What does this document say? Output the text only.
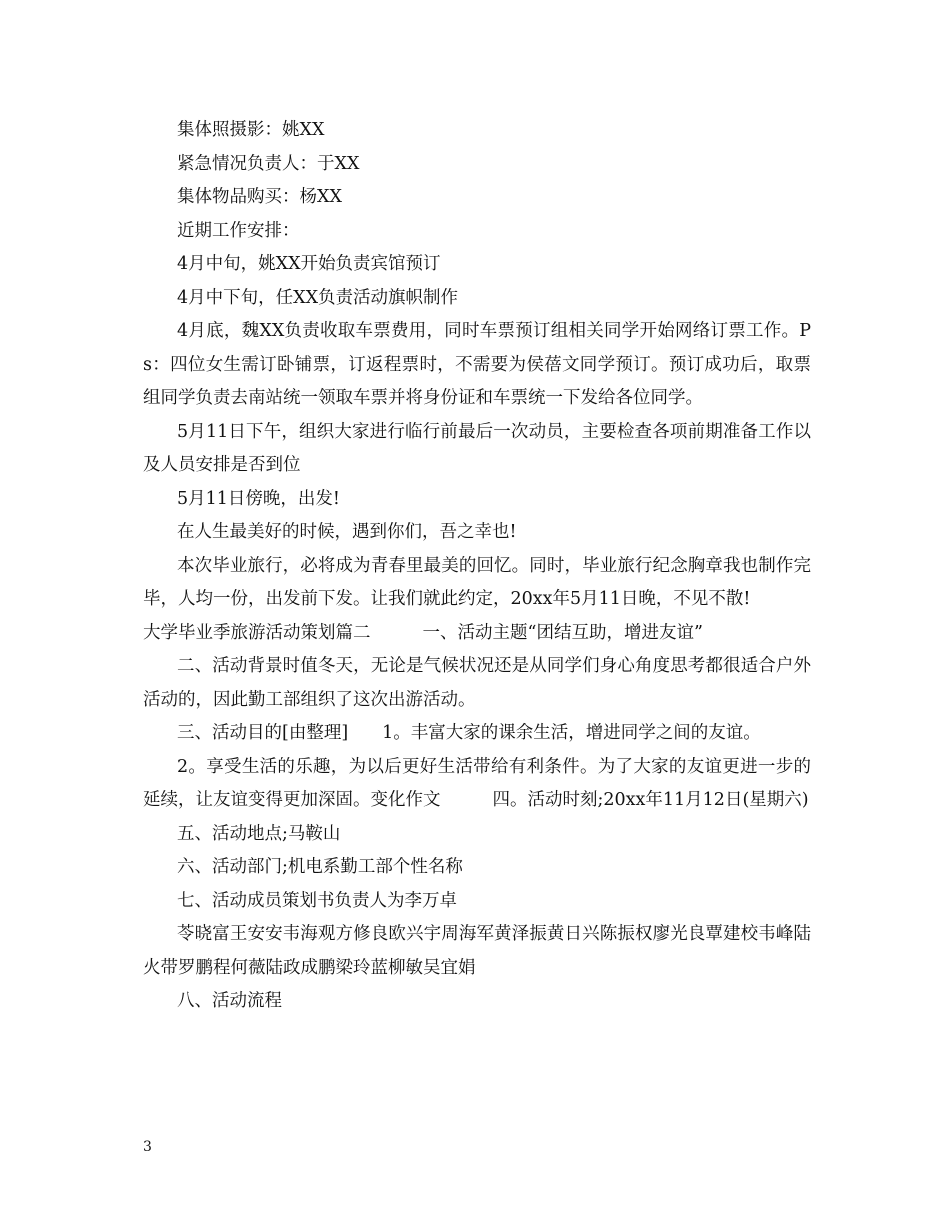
集体照摄影：姚XX

紧急情况负责人：于XX

集体物品购买：杨XX

近期工作安排：

4月中旬，姚XX开始负责宾馆预订

4月中下旬，任XX负责活动旗帜制作

4月底，魏XX负责收取车票费用，同时车票预订组相关同学开始网络订票工作。Ps：四位女生需订卧铺票，订返程票时，不需要为侯蓓文同学预订。预订成功后，取票组同学负责去南站统一领取车票并将身份证和车票统一下发给各位同学。

5月11日下午，组织大家进行临行前最后一次动员，主要检查各项前期准备工作以及人员安排是否到位

5月11日傍晚，出发!

在人生最美好的时候，遇到你们，吾之幸也!

本次毕业旅行，必将成为青春里最美的回忆。同时，毕业旅行纪念胸章我也制作完毕，人均一份，出发前下发。让我们就此约定，20xx年5月11日晚，不见不散!

大学毕业季旅游活动策划篇二	一、活动主题“团结互助，增进友谊”

二、活动背景时值冬天，无论是气候状况还是从同学们身心角度思考都很适合户外活动的，因此勤工部组织了这次出游活动。

三、活动目的[由整理] 1。丰富大家的课余生活，增进同学之间的友谊。

2。享受生活的乐趣，为以后更好生活带给有利条件。为了大家的友谊更进一步的延续，让友谊变得更加深固。变化作文	四。活动时刻;20xx年11月12日(星期六)

五、活动地点;马鞍山

六、活动部门;机电系勤工部个性名称

七、活动成员策划书负责人为李万卓

苓晓富王安安韦海观方修良欧兴宇周海军黄泽振黄日兴陈振权廖光良覃建校韦峰陆火带罗鹏程何薇陆政成鹏梁玲蓝柳敏吴宜娟

八、活动流程

3
